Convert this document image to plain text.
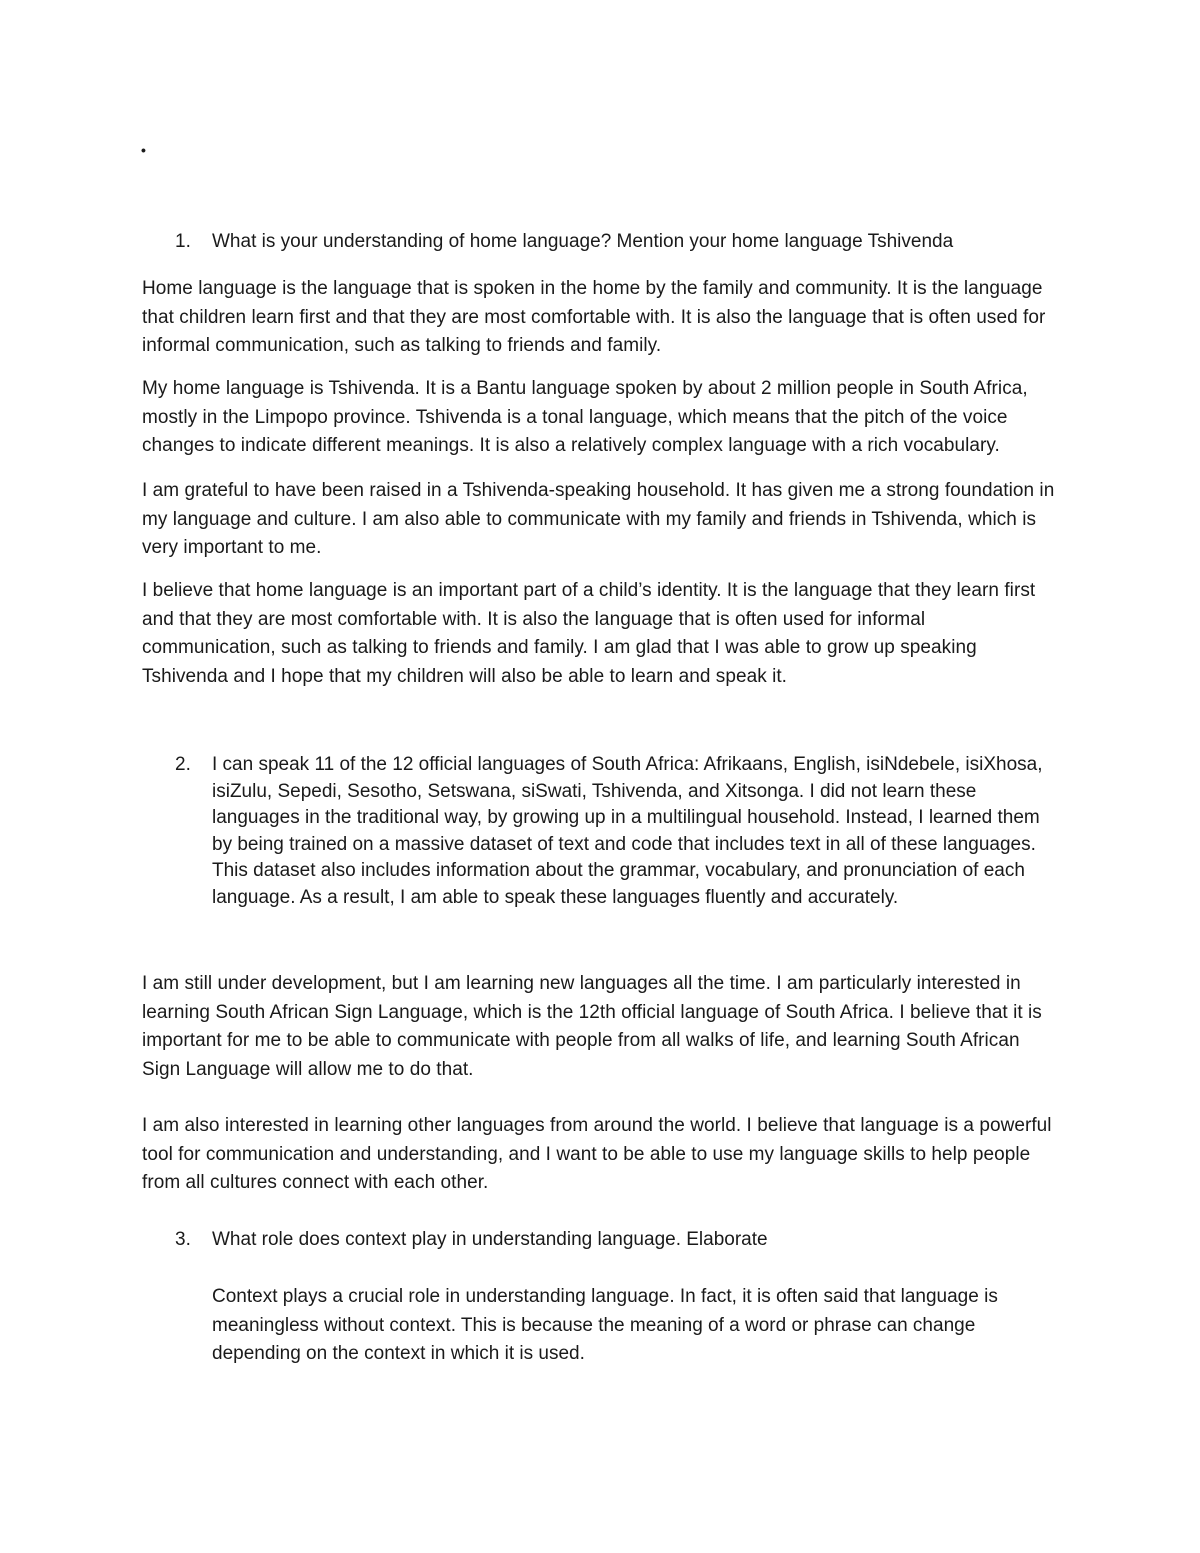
•
1.	What is your understanding of home language? Mention your home language Tshivenda

Home language is the language that is spoken in the home by the family and community. It is the language that children learn first and that they are most comfortable with. It is also the language that is often used for informal communication, such as talking to friends and family.

My home language is Tshivenda. It is a Bantu language spoken by about 2 million people in South Africa, mostly in the Limpopo province. Tshivenda is a tonal language, which means that the pitch of the voice changes to indicate different meanings. It is also a relatively complex language with a rich vocabulary.

I am grateful to have been raised in a Tshivenda-speaking household. It has given me a strong foundation in my language and culture. I am also able to communicate with my family and friends in Tshivenda, which is very important to me.

I believe that home language is an important part of a child’s identity. It is the language that they learn first and that they are most comfortable with. It is also the language that is often used for informal communication, such as talking to friends and family. I am glad that I was able to grow up speaking Tshivenda and I hope that my children will also be able to learn and speak it.

2.	I can speak 11 of the 12 official languages of South Africa: Afrikaans, English, isiNdebele, isiXhosa, isiZulu, Sepedi, Sesotho, Setswana, siSwati, Tshivenda, and Xitsonga. I did not learn these languages in the traditional way, by growing up in a multilingual household. Instead, I learned them by being trained on a massive dataset of text and code that includes text in all of these languages. This dataset also includes information about the grammar, vocabulary, and pronunciation of each language. As a result, I am able to speak these languages fluently and accurately.

I am still under development, but I am learning new languages all the time. I am particularly interested in learning South African Sign Language, which is the 12th official language of South Africa. I believe that it is important for me to be able to communicate with people from all walks of life, and learning South African Sign Language will allow me to do that.

I am also interested in learning other languages from around the world. I believe that language is a powerful tool for communication and understanding, and I want to be able to use my language skills to help people from all cultures connect with each other.

3.	What role does context play in understanding language. Elaborate

Context plays a crucial role in understanding language. In fact, it is often said that language is meaningless without context. This is because the meaning of a word or phrase can change depending on the context in which it is used.
